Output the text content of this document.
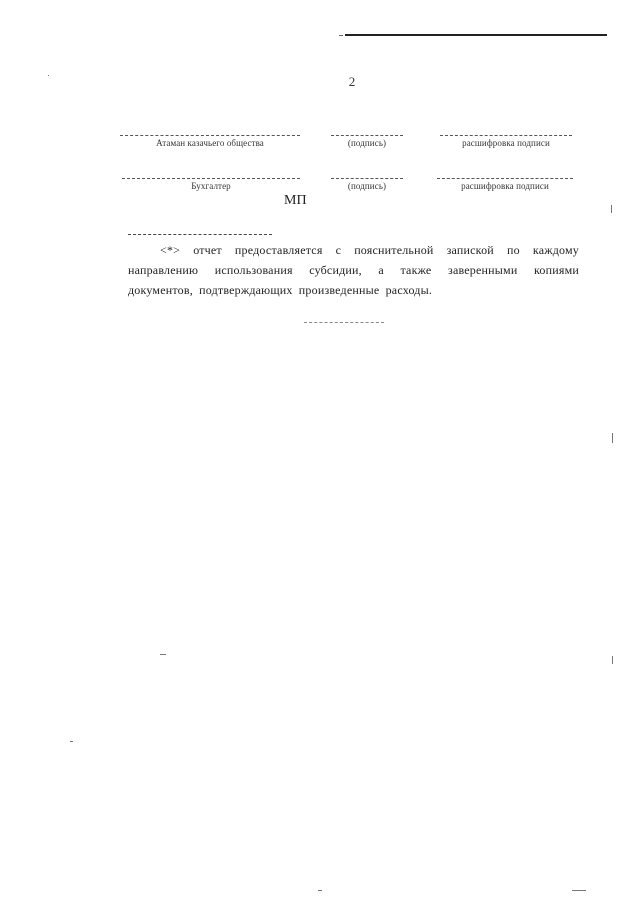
2
Атаман казачьего общества	(подпись)	расшифровка подписи
Бухгалтер	(подпись)	расшифровка подписи
МП

<*> отчет предоставляется с пояснительной запиской по каждому направлению использования субсидии, а также заверенными копиями документов, подтверждающих произведенные расходы.
